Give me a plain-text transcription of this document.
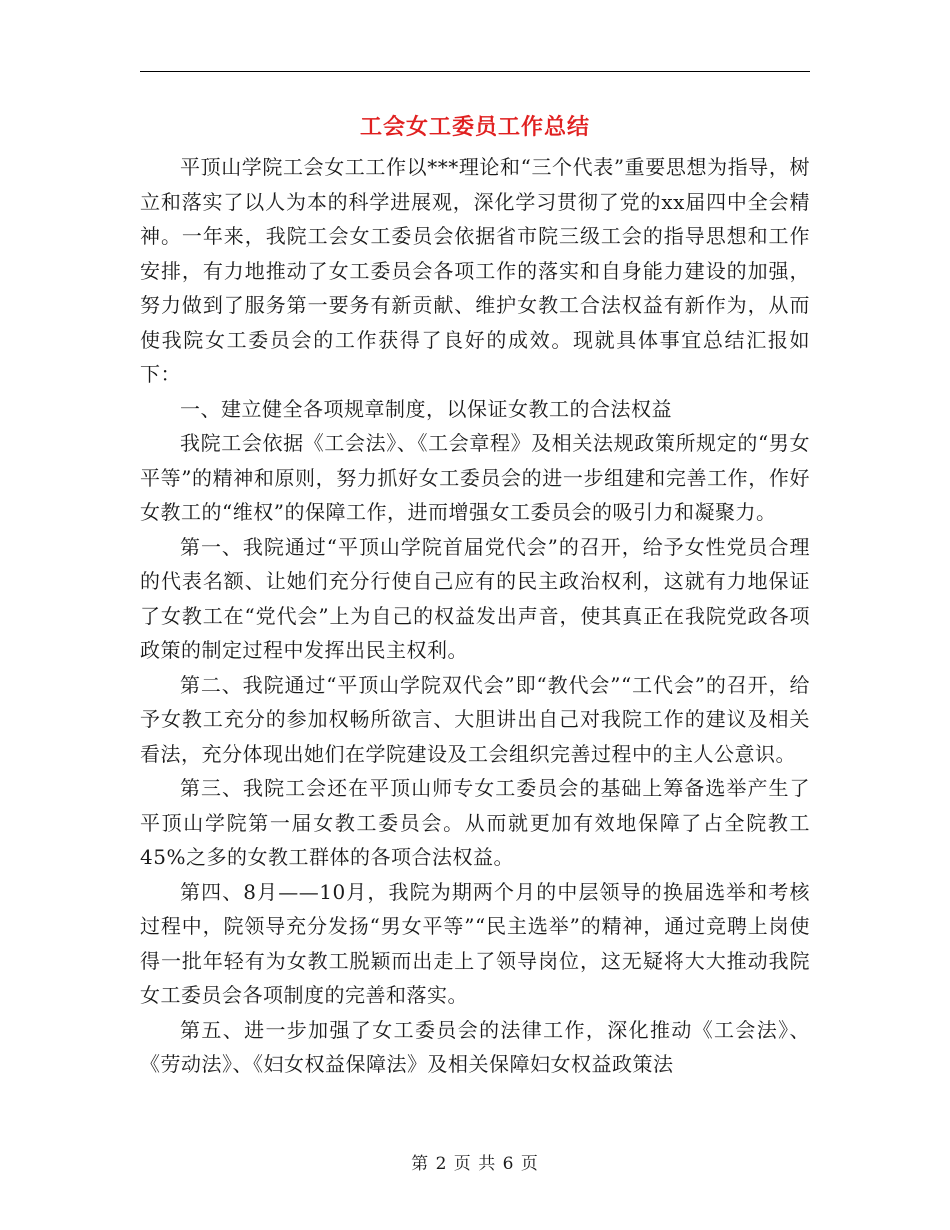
工会女工委员工作总结

平顶山学院工会女工工作以***理论和“三个代表”重要思想为指导，树立和落实了以人为本的科学进展观，深化学习贯彻了党的xx届四中全会精神。一年来，我院工会女工委员会依据省市院三级工会的指导思想和工作安排，有力地推动了女工委员会各项工作的落实和自身能力建设的加强，努力做到了服务第一要务有新贡献、维护女教工合法权益有新作为，从而使我院女工委员会的工作获得了良好的成效。现就具体事宜总结汇报如下：

一、建立健全各项规章制度，以保证女教工的合法权益

我院工会依据《工会法》、《工会章程》及相关法规政策所规定的“男女平等”的精神和原则，努力抓好女工委员会的进一步组建和完善工作，作好女教工的“维权”的保障工作，进而增强女工委员会的吸引力和凝聚力。

第一、我院通过“平顶山学院首届党代会”的召开，给予女性党员合理的代表名额、让她们充分行使自己应有的民主政治权利，这就有力地保证了女教工在“党代会”上为自己的权益发出声音，使其真正在我院党政各项政策的制定过程中发挥出民主权利。

第二、我院通过“平顶山学院双代会”即“教代会”“工代会”的召开，给予女教工充分的参加权畅所欲言、大胆讲出自己对我院工作的建议及相关看法，充分体现出她们在学院建设及工会组织完善过程中的主人公意识。

第三、我院工会还在平顶山师专女工委员会的基础上筹备选举产生了平顶山学院第一届女教工委员会。从而就更加有效地保障了占全院教工45%之多的女教工群体的各项合法权益。

第四、8月——10月，我院为期两个月的中层领导的换届选举和考核过程中，院领导充分发扬“男女平等”“民主选举”的精神，通过竞聘上岗使得一批年轻有为女教工脱颖而出走上了领导岗位，这无疑将大大推动我院女工委员会各项制度的完善和落实。

第五、进一步加强了女工委员会的法律工作，深化推动《工会法》、《劳动法》、《妇女权益保障法》及相关保障妇女权益政策法

第 2 页 共 6 页
